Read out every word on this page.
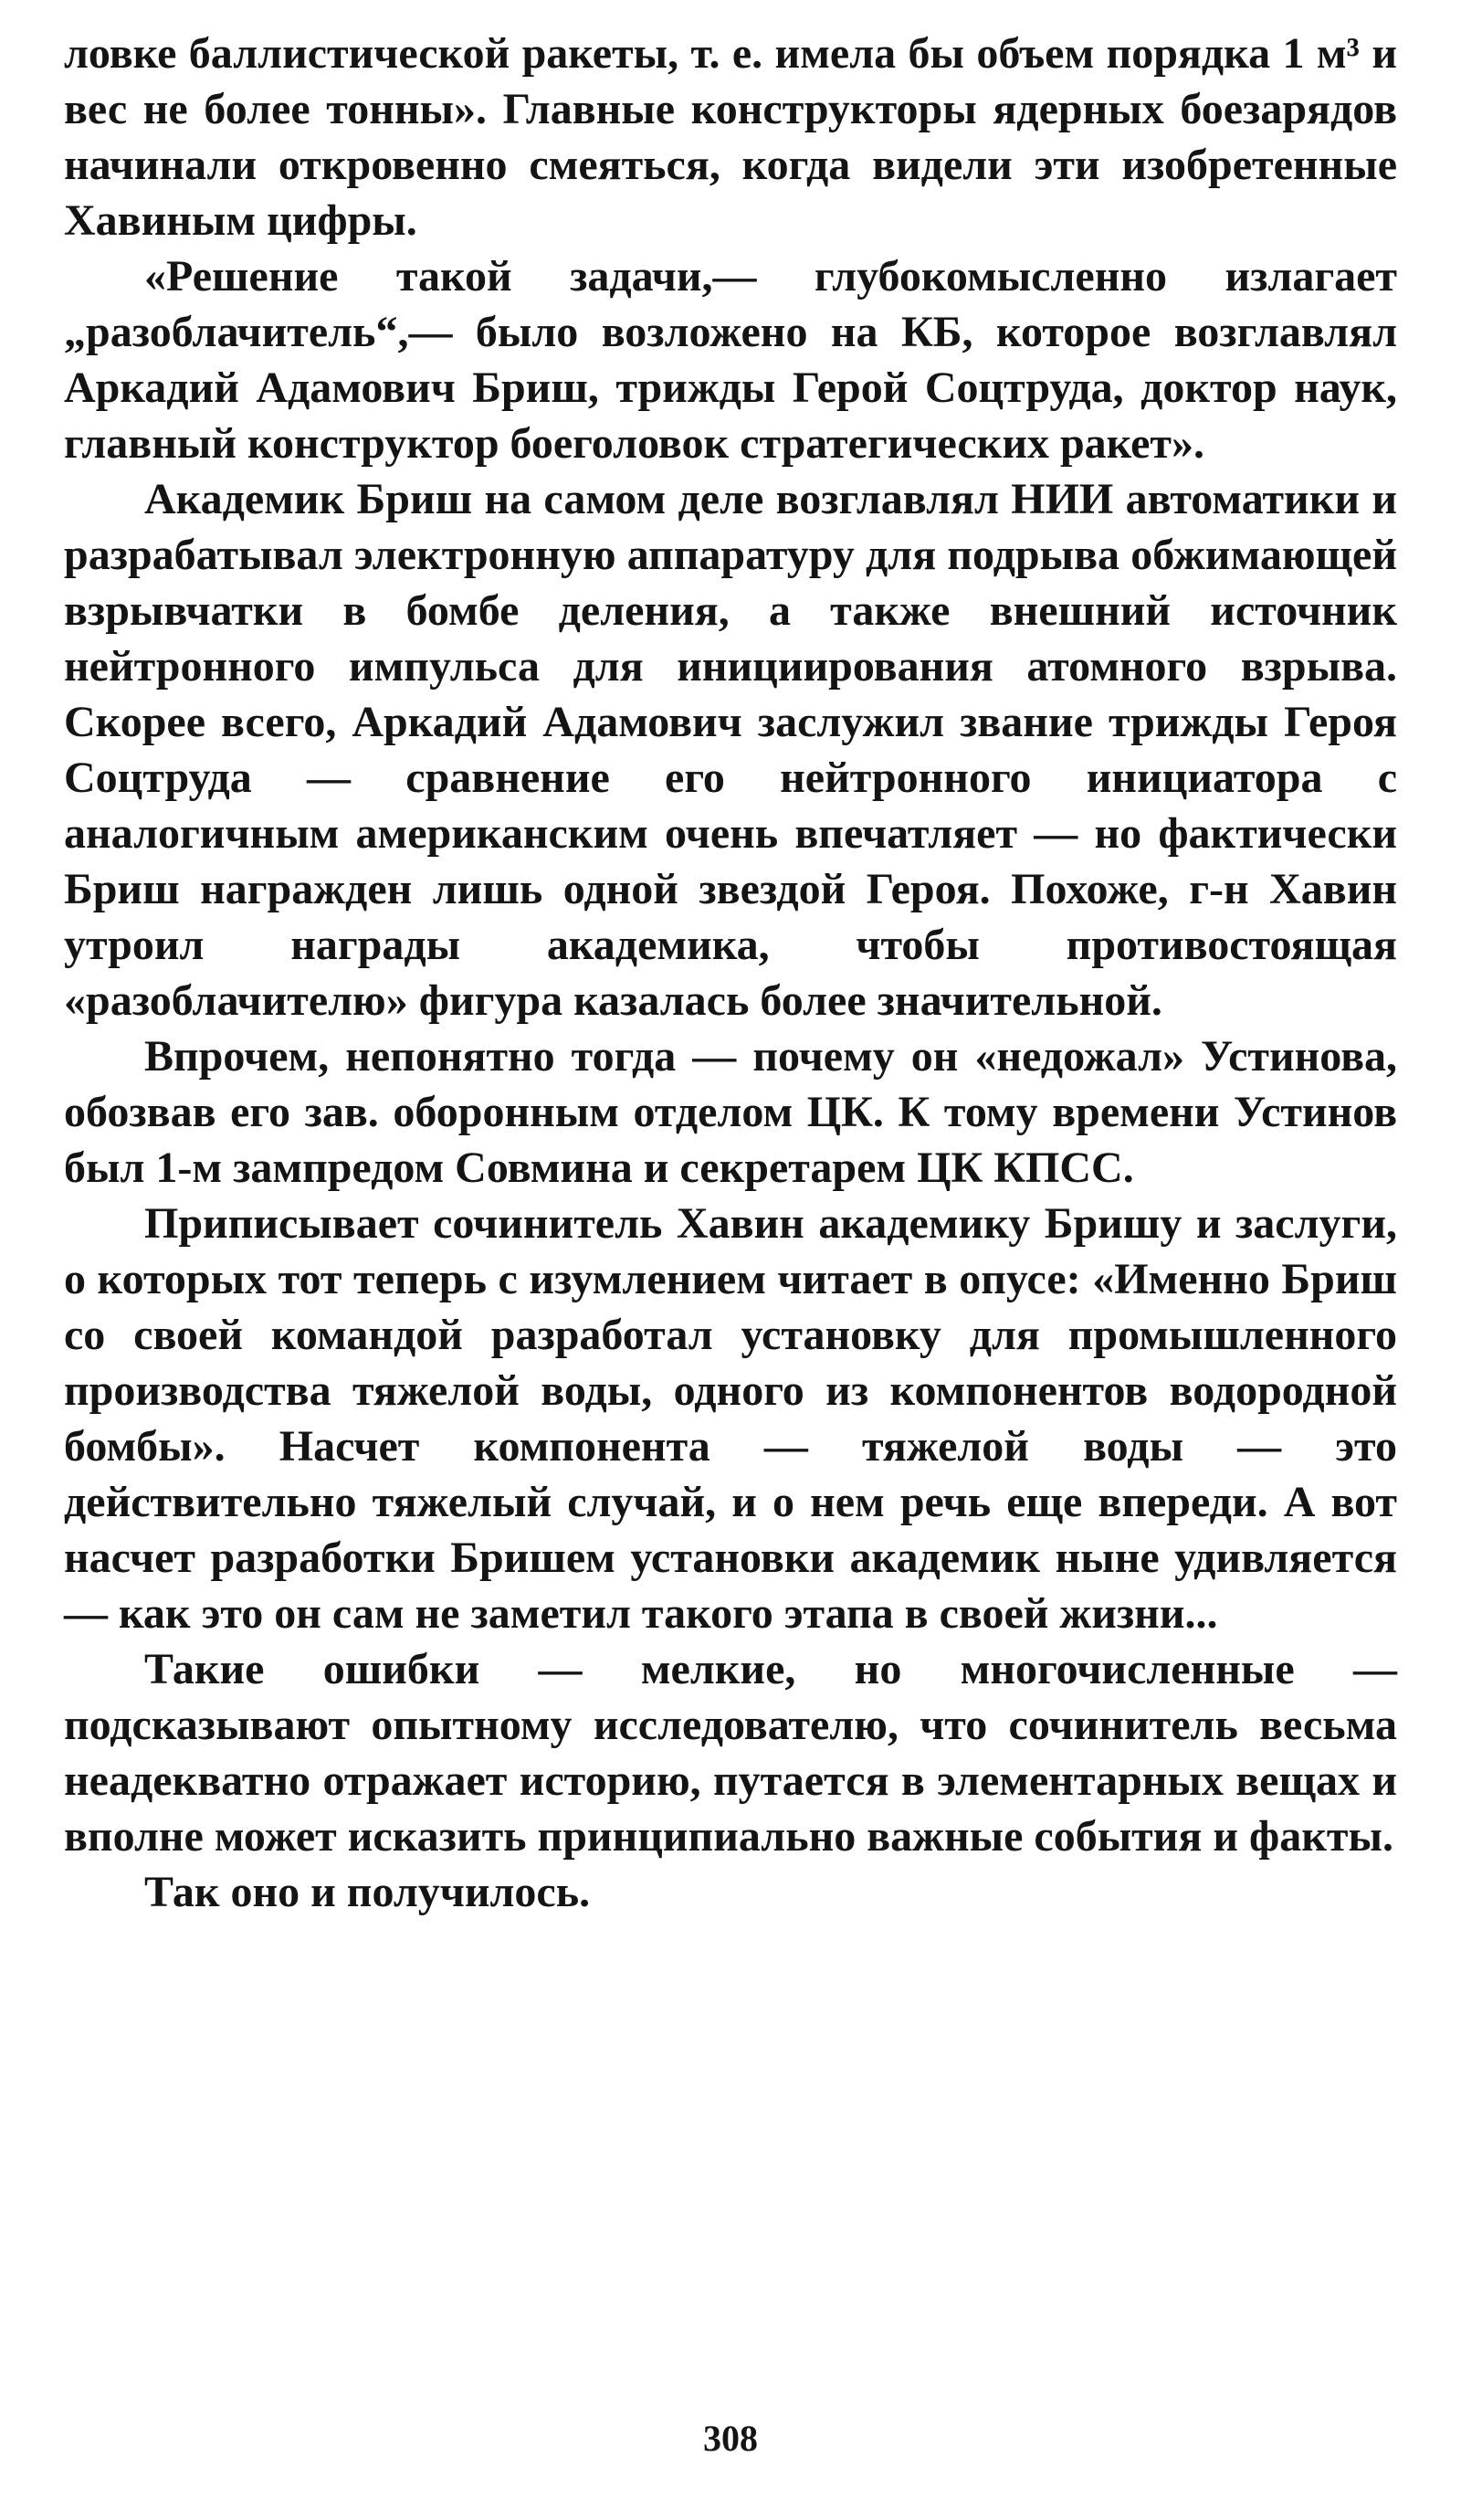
ловке баллистической ракеты, т. е. имела бы объем порядка 1 м³ и вес не более тонны». Главные конструкторы ядерных боезарядов начинали откровенно смеяться, когда видели эти изобретенные Хавиным цифры.

«Решение такой задачи,— глубокомысленно излагает „разоблачитель“,— было возложено на КБ, которое возглавлял Аркадий Адамович Бриш, трижды Герой Соцтруда, доктор наук, главный конструктор боеголовок стратегических ракет».

Академик Бриш на самом деле возглавлял НИИ автоматики и разрабатывал электронную аппаратуру для подрыва обжимающей взрывчатки в бомбе деления, а также внешний источник нейтронного импульса для инициирования атомного взрыва. Скорее всего, Аркадий Адамович заслужил звание трижды Героя Соцтруда — сравнение его нейтронного инициатора с аналогичным американским очень впечатляет — но фактически Бриш награжден лишь одной звездой Героя. Похоже, г-н Хавин утроил награды академика, чтобы противостоящая «разоблачителю» фигура казалась более значительной.

Впрочем, непонятно тогда — почему он «недожал» Устинова, обозвав его зав. оборонным отделом ЦК. К тому времени Устинов был 1-м зампредом Совмина и секретарем ЦК КПСС.

Приписывает сочинитель Хавин академику Бришу и заслуги, о которых тот теперь с изумлением читает в опусе: «Именно Бриш со своей командой разработал установку для промышленного производства тяжелой воды, одного из компонентов водородной бомбы». Насчет компонента — тяжелой воды — это действительно тяжелый случай, и о нем речь еще впереди. А вот насчет разработки Бришем установки академик ныне удивляется — как это он сам не заметил такого этапа в своей жизни...

Такие ошибки — мелкие, но многочисленные — подсказывают опытному исследователю, что сочинитель весьма неадекватно отражает историю, путается в элементарных вещах и вполне может исказить принципиально важные события и факты.

Так оно и получилось.

308
